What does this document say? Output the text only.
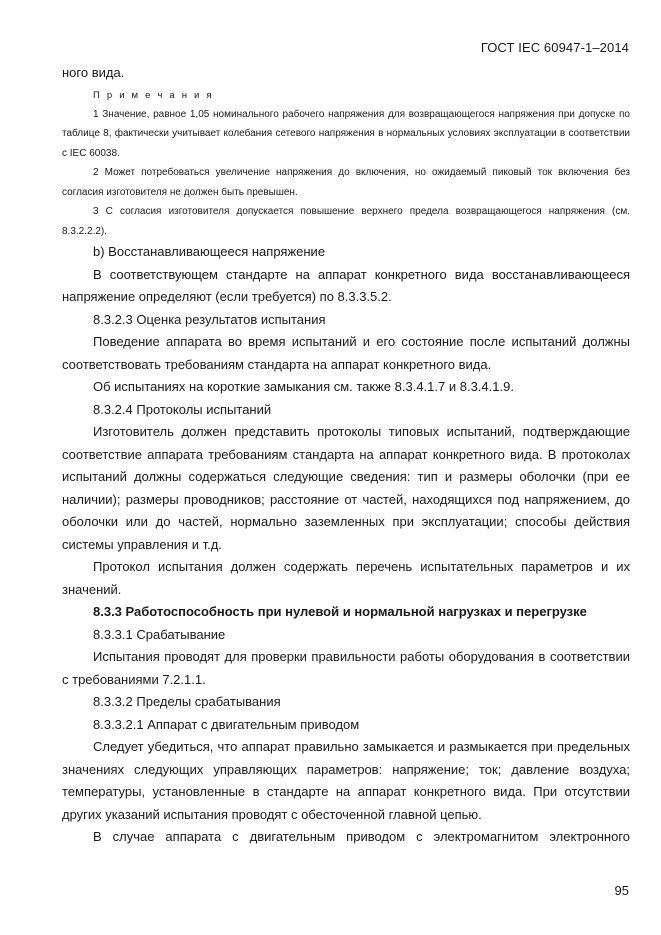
ГОСТ IEC 60947-1–2014

ного вида.

П р и м е ч а н и я

1 Значение, равное 1,05 номинального рабочего напряжения для возвращающегося напряжения при допуске по таблице 8, фактически учитывает колебания сетевого напряжения в нормальных условиях эксплуатации в соответствии с IEC 60038.

2 Может потребоваться увеличение напряжения до включения, но ожидаемый пиковый ток включения без согласия изготовителя не должен быть превышен.

3 С согласия изготовителя допускается повышение верхнего предела возвращающегося напряжения (см. 8.3.2.2.2).

b) Восстанавливающееся напряжение

В соответствующем стандарте на аппарат конкретного вида восстанавливающееся напряжение определяют (если требуется) по 8.3.3.5.2.

8.3.2.3 Оценка результатов испытания

Поведение аппарата во время испытаний и его состояние после испытаний должны соответствовать требованиям стандарта на аппарат конкретного вида.

Об испытаниях на короткие замыкания см. также 8.3.4.1.7 и 8.3.4.1.9.

8.3.2.4 Протоколы испытаний

Изготовитель должен представить протоколы типовых испытаний, подтверждающие соответствие аппарата требованиям стандарта на аппарат конкретного вида. В протоколах испытаний должны содержаться следующие сведения: тип и размеры оболочки (при ее наличии); размеры проводников; расстояние от частей, находящихся под напряжением, до оболочки или до частей, нормально заземленных при эксплуатации; способы действия системы управления и т.д.

Протокол испытания должен содержать перечень испытательных параметров и их значений.

8.3.3 Работоспособность при нулевой и нормальной нагрузках и перегрузке

8.3.3.1 Срабатывание

Испытания проводят для проверки правильности работы оборудования в соответствии с требованиями 7.2.1.1.

8.3.3.2 Пределы срабатывания

8.3.3.2.1 Аппарат с двигательным приводом

Следует убедиться, что аппарат правильно замыкается и размыкается при предельных значениях следующих управляющих параметров: напряжение; ток; давление воздуха; температуры, установленные в стандарте на аппарат конкретного вида. При отсутствии других указаний испытания проводят с обесточенной главной цепью.

В случае аппарата с двигательным приводом с электромагнитом электронного

95
